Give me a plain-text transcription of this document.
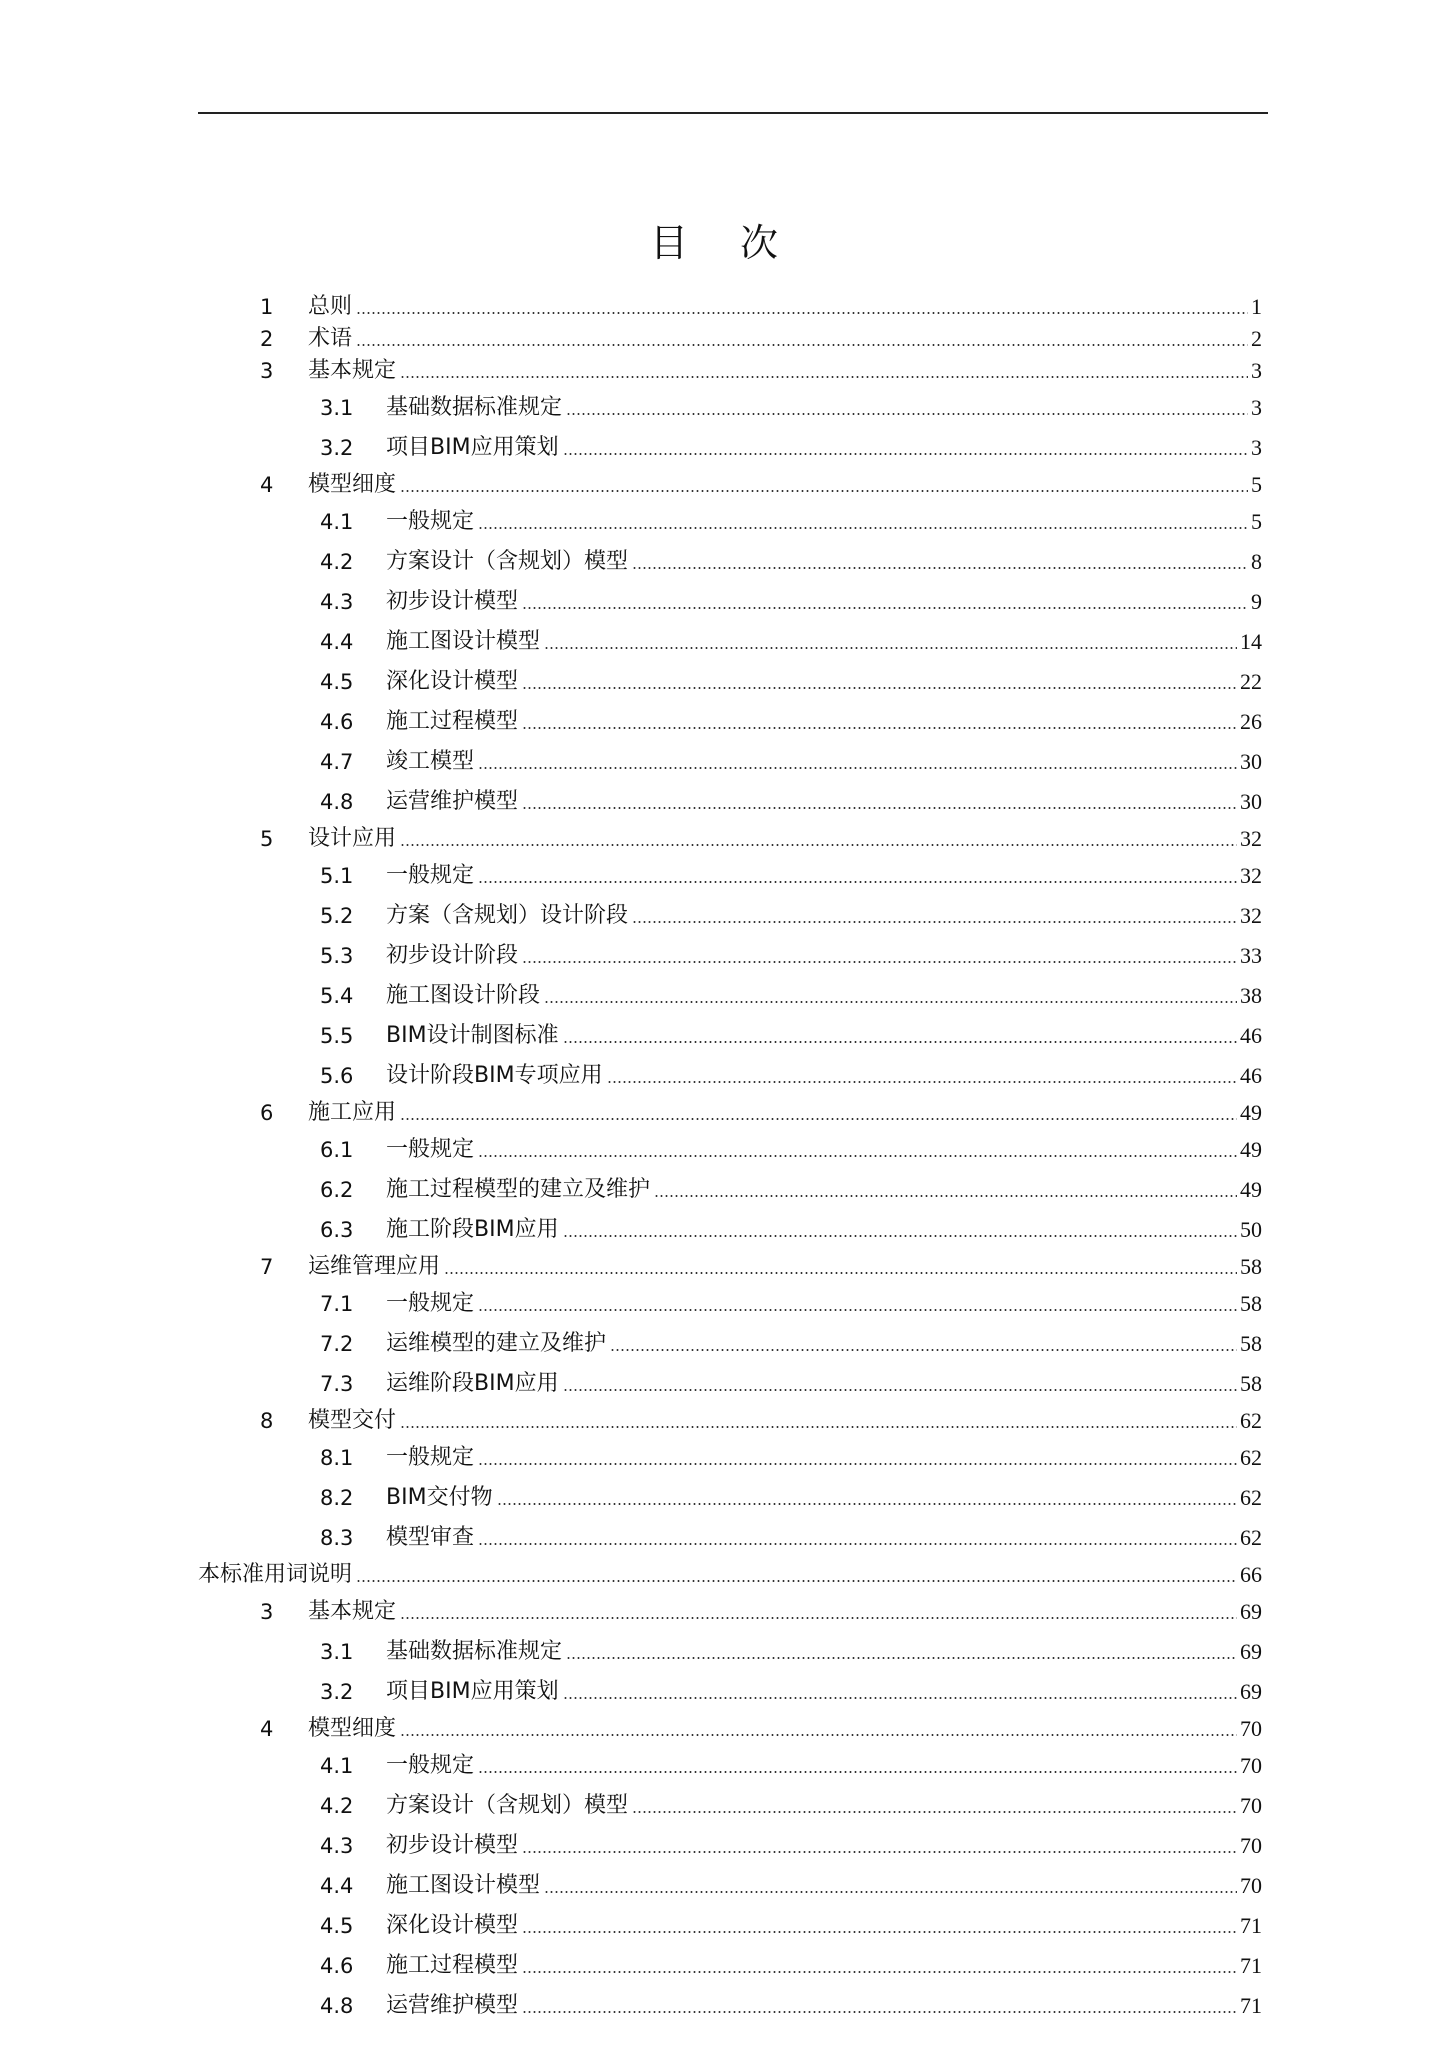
目 次
1	总则	1
2	术语	2
3	基本规定	3
3.1	基础数据标准规定	3
3.2	项目BIM应用策划	3
4	模型细度	5
4.1	一般规定	5
4.2	方案设计（含规划）模型	8
4.3	初步设计模型	9
4.4	施工图设计模型	14
4.5	深化设计模型	22
4.6	施工过程模型	26
4.7	竣工模型	30
4.8	运营维护模型	30
5	设计应用	32
5.1	一般规定	32
5.2	方案（含规划）设计阶段	32
5.3	初步设计阶段	33
5.4	施工图设计阶段	38
5.5	BIM设计制图标准	46
5.6	设计阶段BIM专项应用	46
6	施工应用	49
6.1	一般规定	49
6.2	施工过程模型的建立及维护	49
6.3	施工阶段BIM应用	50
7	运维管理应用	58
7.1	一般规定	58
7.2	运维模型的建立及维护	58
7.3	运维阶段BIM应用	58
8	模型交付	62
8.1	一般规定	62
8.2	BIM交付物	62
8.3	模型审查	62
本标准用词说明	66
3	基本规定	69
3.1	基础数据标准规定	69
3.2	项目BIM应用策划	69
4	模型细度	70
4.1	一般规定	70
4.2	方案设计（含规划）模型	70
4.3	初步设计模型	70
4.4	施工图设计模型	70
4.5	深化设计模型	71
4.6	施工过程模型	71
4.8	运营维护模型	71
